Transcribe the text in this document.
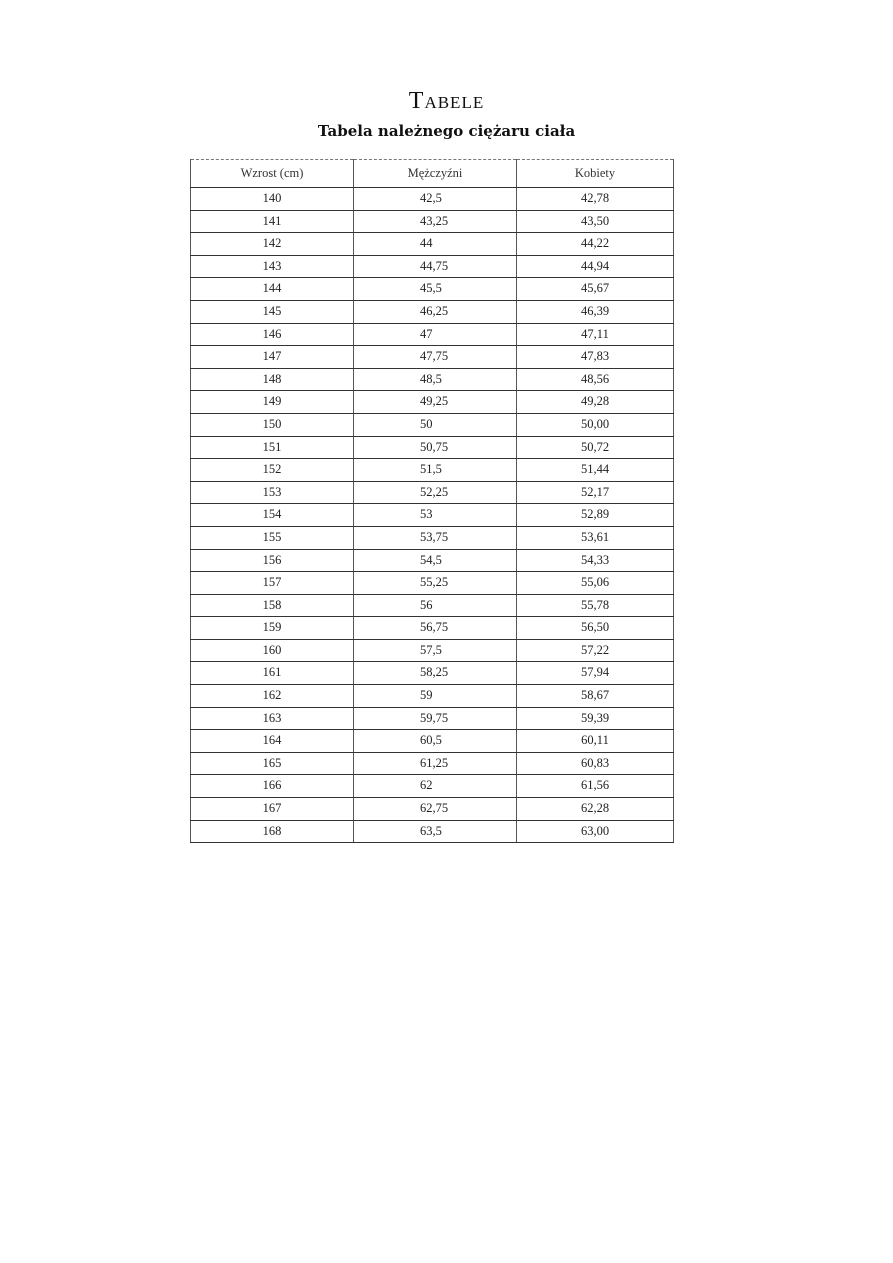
Tabele
Tabela należnego ciężaru ciała
Wzrost (cm)	Mężczyźni	Kobiety
140	42,5	42,78
141	43,25	43,50
142	44	44,22
143	44,75	44,94
144	45,5	45,67
145	46,25	46,39
146	47	47,11
147	47,75	47,83
148	48,5	48,56
149	49,25	49,28
150	50	50,00
151	50,75	50,72
152	51,5	51,44
153	52,25	52,17
154	53	52,89
155	53,75	53,61
156	54,5	54,33
157	55,25	55,06
158	56	55,78
159	56,75	56,50
160	57,5	57,22
161	58,25	57,94
162	59	58,67
163	59,75	59,39
164	60,5	60,11
165	61,25	60,83
166	62	61,56
167	62,75	62,28
168	63,5	63,00
